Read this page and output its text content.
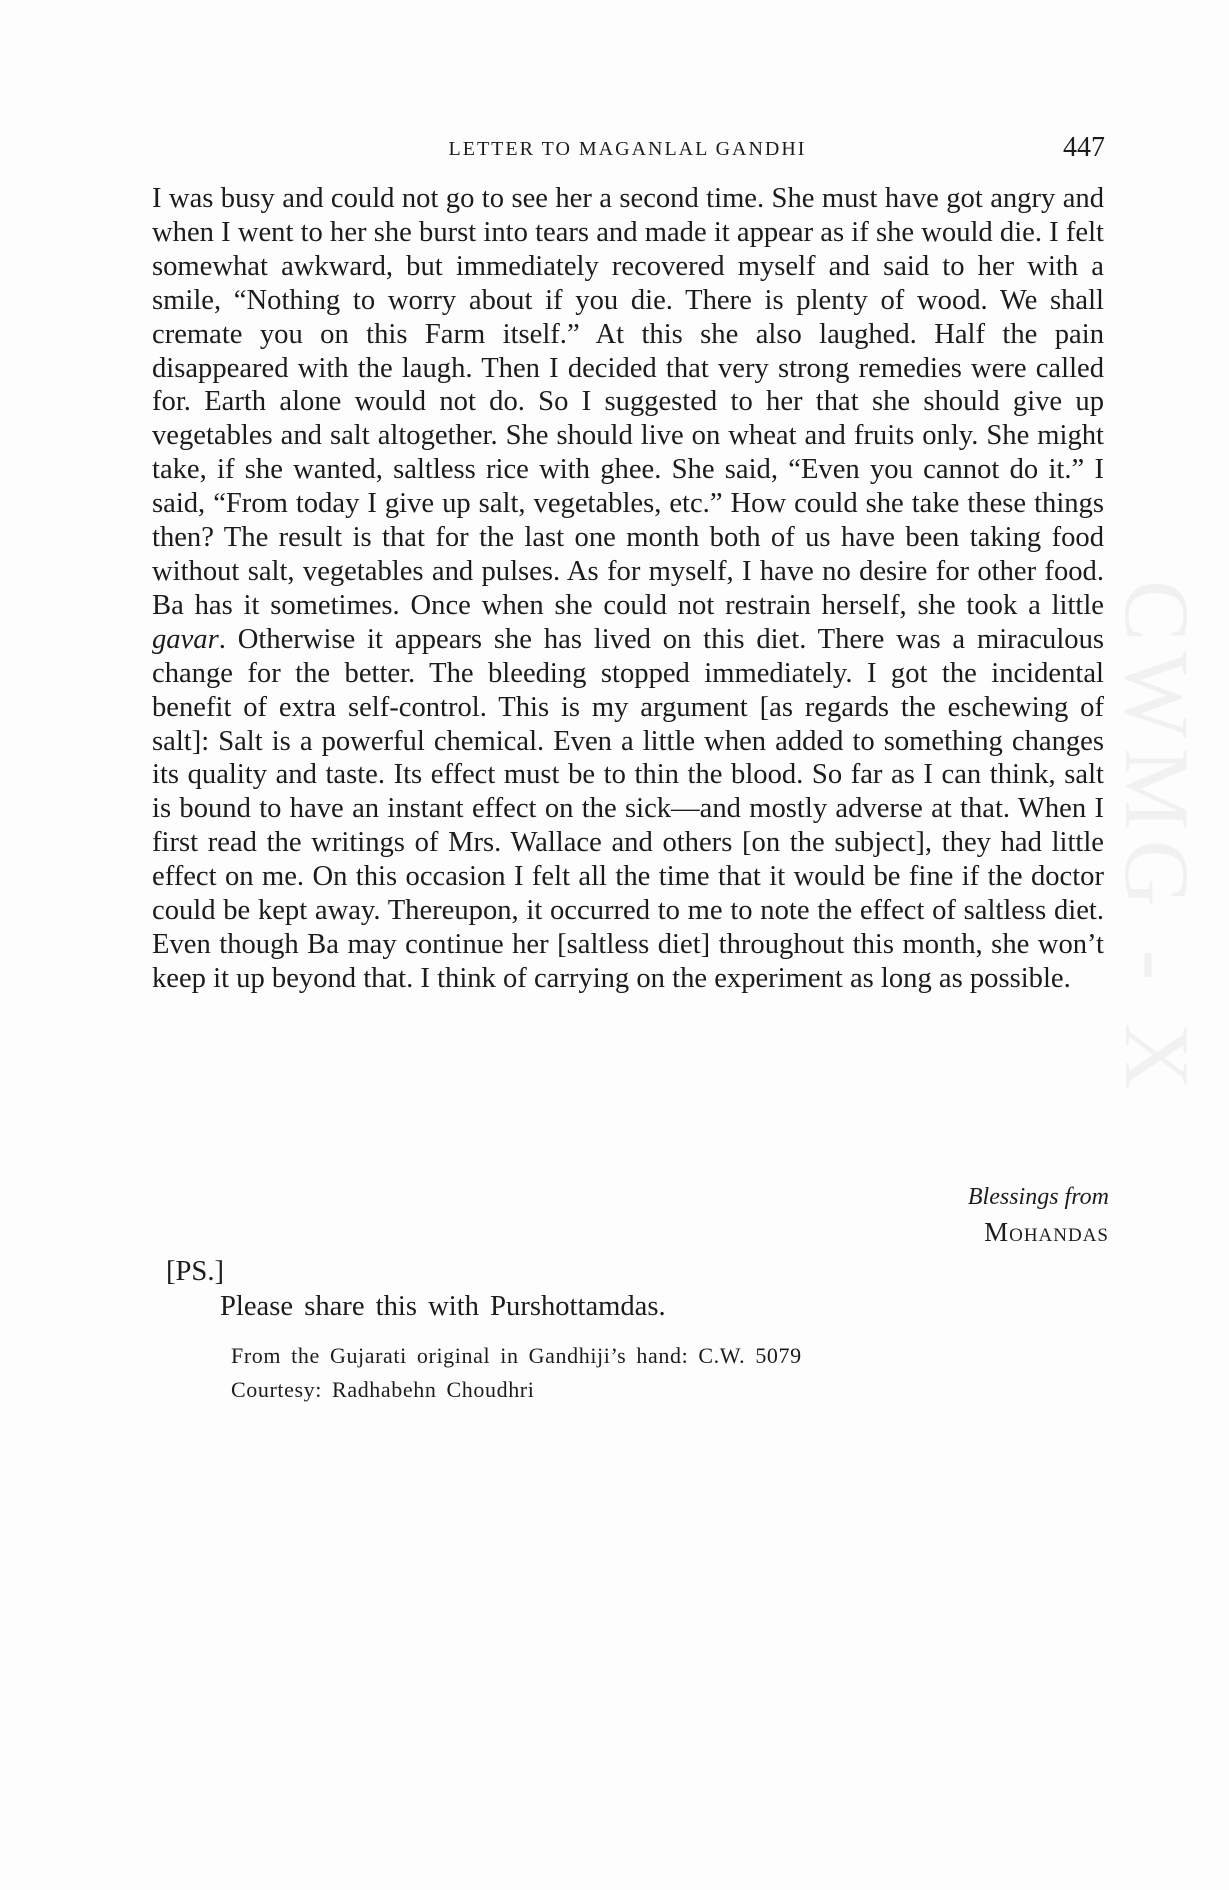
LETTER TO MAGANLAL GANDHI	447

I was busy and could not go to see her a second time. She must have got angry and when I went to her she burst into tears and made it appear as if she would die. I felt somewhat awkward, but immediately recovered myself and said to her with a smile, “Nothing to worry about if you die. There is plenty of wood. We shall cremate you on this Farm itself.” At this she also laughed. Half the pain disappeared with the laugh. Then I decided that very strong remedies were called for. Earth alone would not do. So I suggested to her that she should give up vegetables and salt altogether. She should live on wheat and fruits only. She might take, if she wanted, saltless rice with ghee. She said, “Even you cannot do it.” I said, “From today I give up salt, vegetables, etc.” How could she take these things then? The result is that for the last one month both of us have been taking food without salt, vegetables and pulses. As for myself, I have no desire for other food. Ba has it sometimes. Once when she could not restrain herself, she took a little gavar. Otherwise it appears she has lived on this diet. There was a miraculous change for the better. The bleeding stopped immediately. I got the incidental benefit of extra self-control. This is my argument [as regards the eschewing of salt]: Salt is a powerful chemical. Even a little when added to something changes its quality and taste. Its effect must be to thin the blood. So far as I can think, salt is bound to have an instant effect on the sick—and mostly adverse at that. When I first read the writings of Mrs. Wallace and others [on the subject], they had little effect on me. On this occasion I felt all the time that it would be fine if the doctor could be kept away. Thereupon, it occurred to me to note the effect of saltless diet. Even though Ba may continue her [saltless diet] throughout this month, she won’t keep it up beyond that. I think of carrying on the experiment as long as possible. CWMG - X
Blessings from
Mohandas
[PS.]
Please share this with Purshottamdas.
From the Gujarati original in Gandhiji’s hand: C.W. 5079
Courtesy: Radhabehn Choudhri
